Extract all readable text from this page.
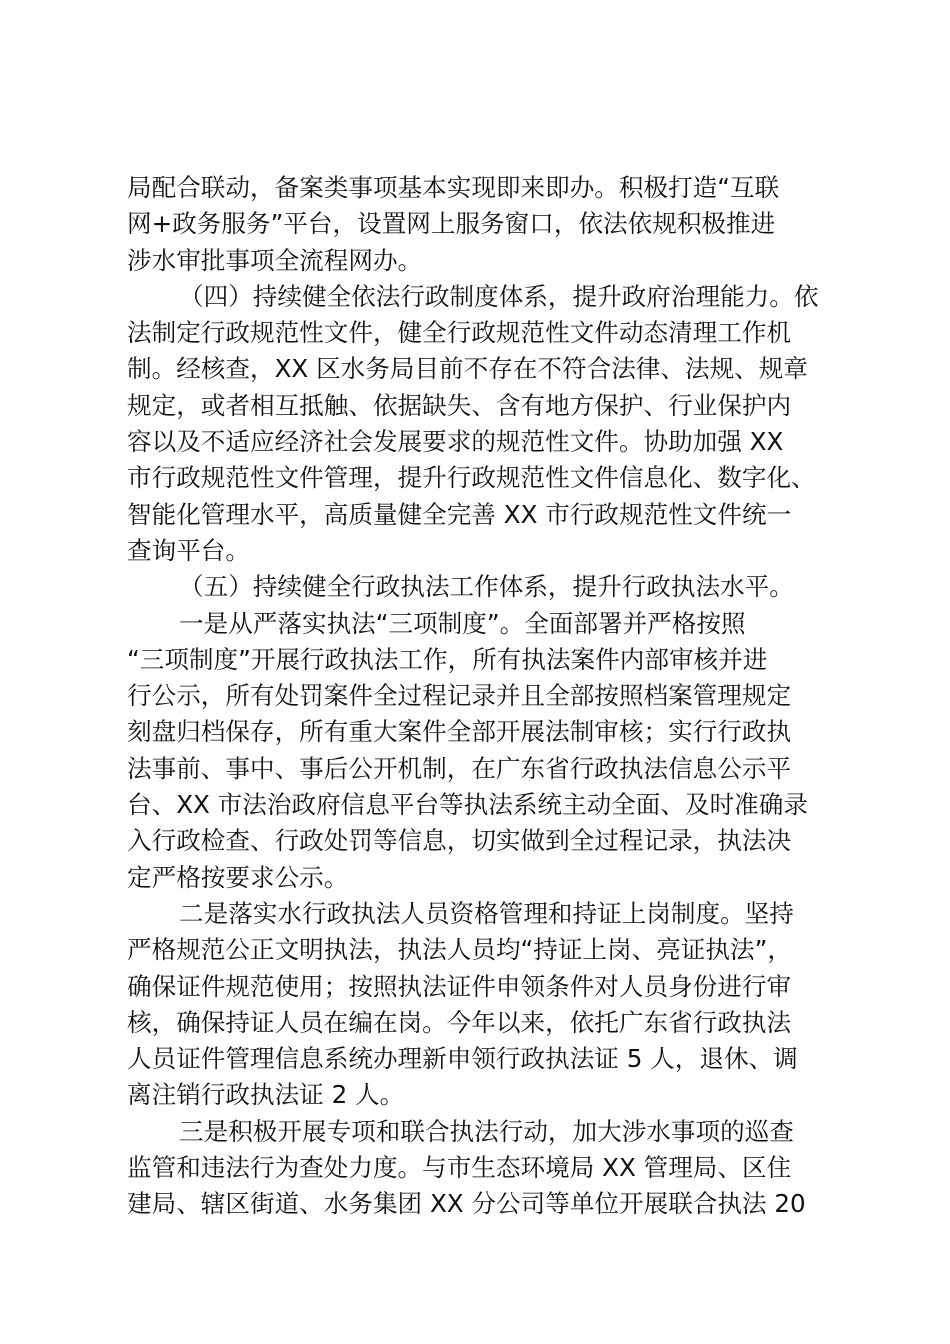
局配合联动，备案类事项基本实现即来即办。积极打造“互联
网+政务服务”平台，设置网上服务窗口，依法依规积极推进
涉水审批事项全流程网办。
（四）持续健全依法行政制度体系，提升政府治理能力。依
法制定行政规范性文件，健全行政规范性文件动态清理工作机
制。经核查，XX 区水务局目前不存在不符合法律、法规、规章
规定，或者相互抵触、依据缺失、含有地方保护、行业保护内
容以及不适应经济社会发展要求的规范性文件。协助加强 XX
市行政规范性文件管理，提升行政规范性文件信息化、数字化、
智能化管理水平，高质量健全完善 XX 市行政规范性文件统一
查询平台。
（五）持续健全行政执法工作体系，提升行政执法水平。
一是从严落实执法“三项制度”。全面部署并严格按照
“三项制度”开展行政执法工作，所有执法案件内部审核并进
行公示，所有处罚案件全过程记录并且全部按照档案管理规定
刻盘归档保存，所有重大案件全部开展法制审核；实行行政执
法事前、事中、事后公开机制，在广东省行政执法信息公示平
台、XX 市法治政府信息平台等执法系统主动全面、及时准确录
入行政检查、行政处罚等信息，切实做到全过程记录，执法决
定严格按要求公示。
二是落实水行政执法人员资格管理和持证上岗制度。坚持
严格规范公正文明执法，执法人员均“持证上岗、亮证执法”，
确保证件规范使用；按照执法证件申领条件对人员身份进行审
核，确保持证人员在编在岗。今年以来，依托广东省行政执法
人员证件管理信息系统办理新申领行政执法证 5 人，退休、调
离注销行政执法证 2 人。
三是积极开展专项和联合执法行动，加大涉水事项的巡查
监管和违法行为查处力度。与市生态环境局 XX 管理局、区住
建局、辖区街道、水务集团 XX 分公司等单位开展联合执法 20
